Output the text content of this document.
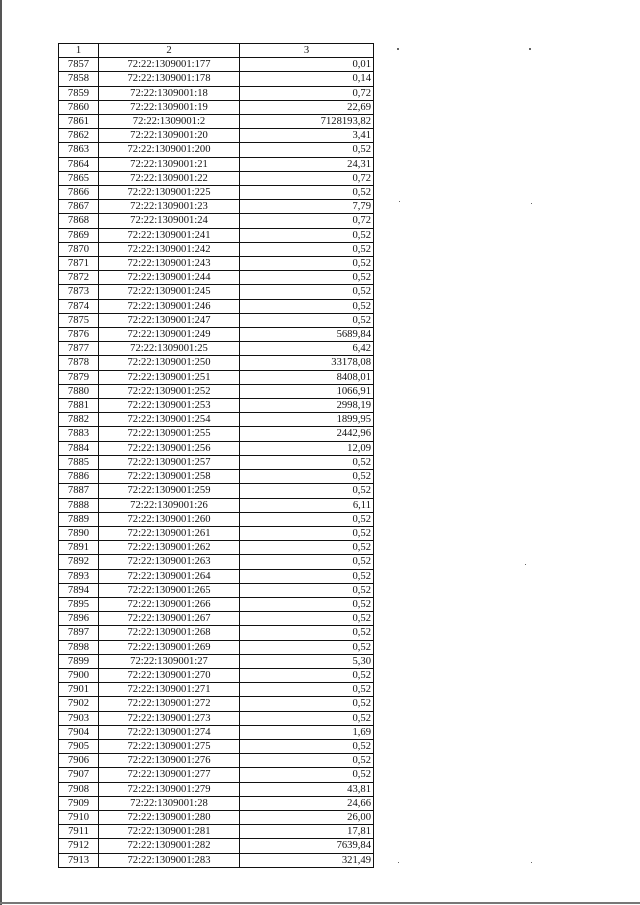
1	2	3
7857	72:22:1309001:177	0,01
7858	72:22:1309001:178	0,14
7859	72:22:1309001:18	0,72
7860	72:22:1309001:19	22,69
7861	72:22:1309001:2	7128193,82
7862	72:22:1309001:20	3,41
7863	72:22:1309001:200	0,52
7864	72:22:1309001:21	24,31
7865	72:22:1309001:22	0,72
7866	72:22:1309001:225	0,52
7867	72:22:1309001:23	7,79
7868	72:22:1309001:24	0,72
7869	72:22:1309001:241	0,52
7870	72:22:1309001:242	0,52
7871	72:22:1309001:243	0,52
7872	72:22:1309001:244	0,52
7873	72:22:1309001:245	0,52
7874	72:22:1309001:246	0,52
7875	72:22:1309001:247	0,52
7876	72:22:1309001:249	5689,84
7877	72:22:1309001:25	6,42
7878	72:22:1309001:250	33178,08
7879	72:22:1309001:251	8408,01
7880	72:22:1309001:252	1066,91
7881	72:22:1309001:253	2998,19
7882	72:22:1309001:254	1899,95
7883	72:22:1309001:255	2442,96
7884	72:22:1309001:256	12,09
7885	72:22:1309001:257	0,52
7886	72:22:1309001:258	0,52
7887	72:22:1309001:259	0,52
7888	72:22:1309001:26	6,11
7889	72:22:1309001:260	0,52
7890	72:22:1309001:261	0,52
7891	72:22:1309001:262	0,52
7892	72:22:1309001:263	0,52
7893	72:22:1309001:264	0,52
7894	72:22:1309001:265	0,52
7895	72:22:1309001:266	0,52
7896	72:22:1309001:267	0,52
7897	72:22:1309001:268	0,52
7898	72:22:1309001:269	0,52
7899	72:22:1309001:27	5,30
7900	72:22:1309001:270	0,52
7901	72:22:1309001:271	0,52
7902	72:22:1309001:272	0,52
7903	72:22:1309001:273	0,52
7904	72:22:1309001:274	1,69
7905	72:22:1309001:275	0,52
7906	72:22:1309001:276	0,52
7907	72:22:1309001:277	0,52
7908	72:22:1309001:279	43,81
7909	72:22:1309001:28	24,66
7910	72:22:1309001:280	26,00
7911	72:22:1309001:281	17,81
7912	72:22:1309001:282	7639,84
7913	72:22:1309001:283	321,49
